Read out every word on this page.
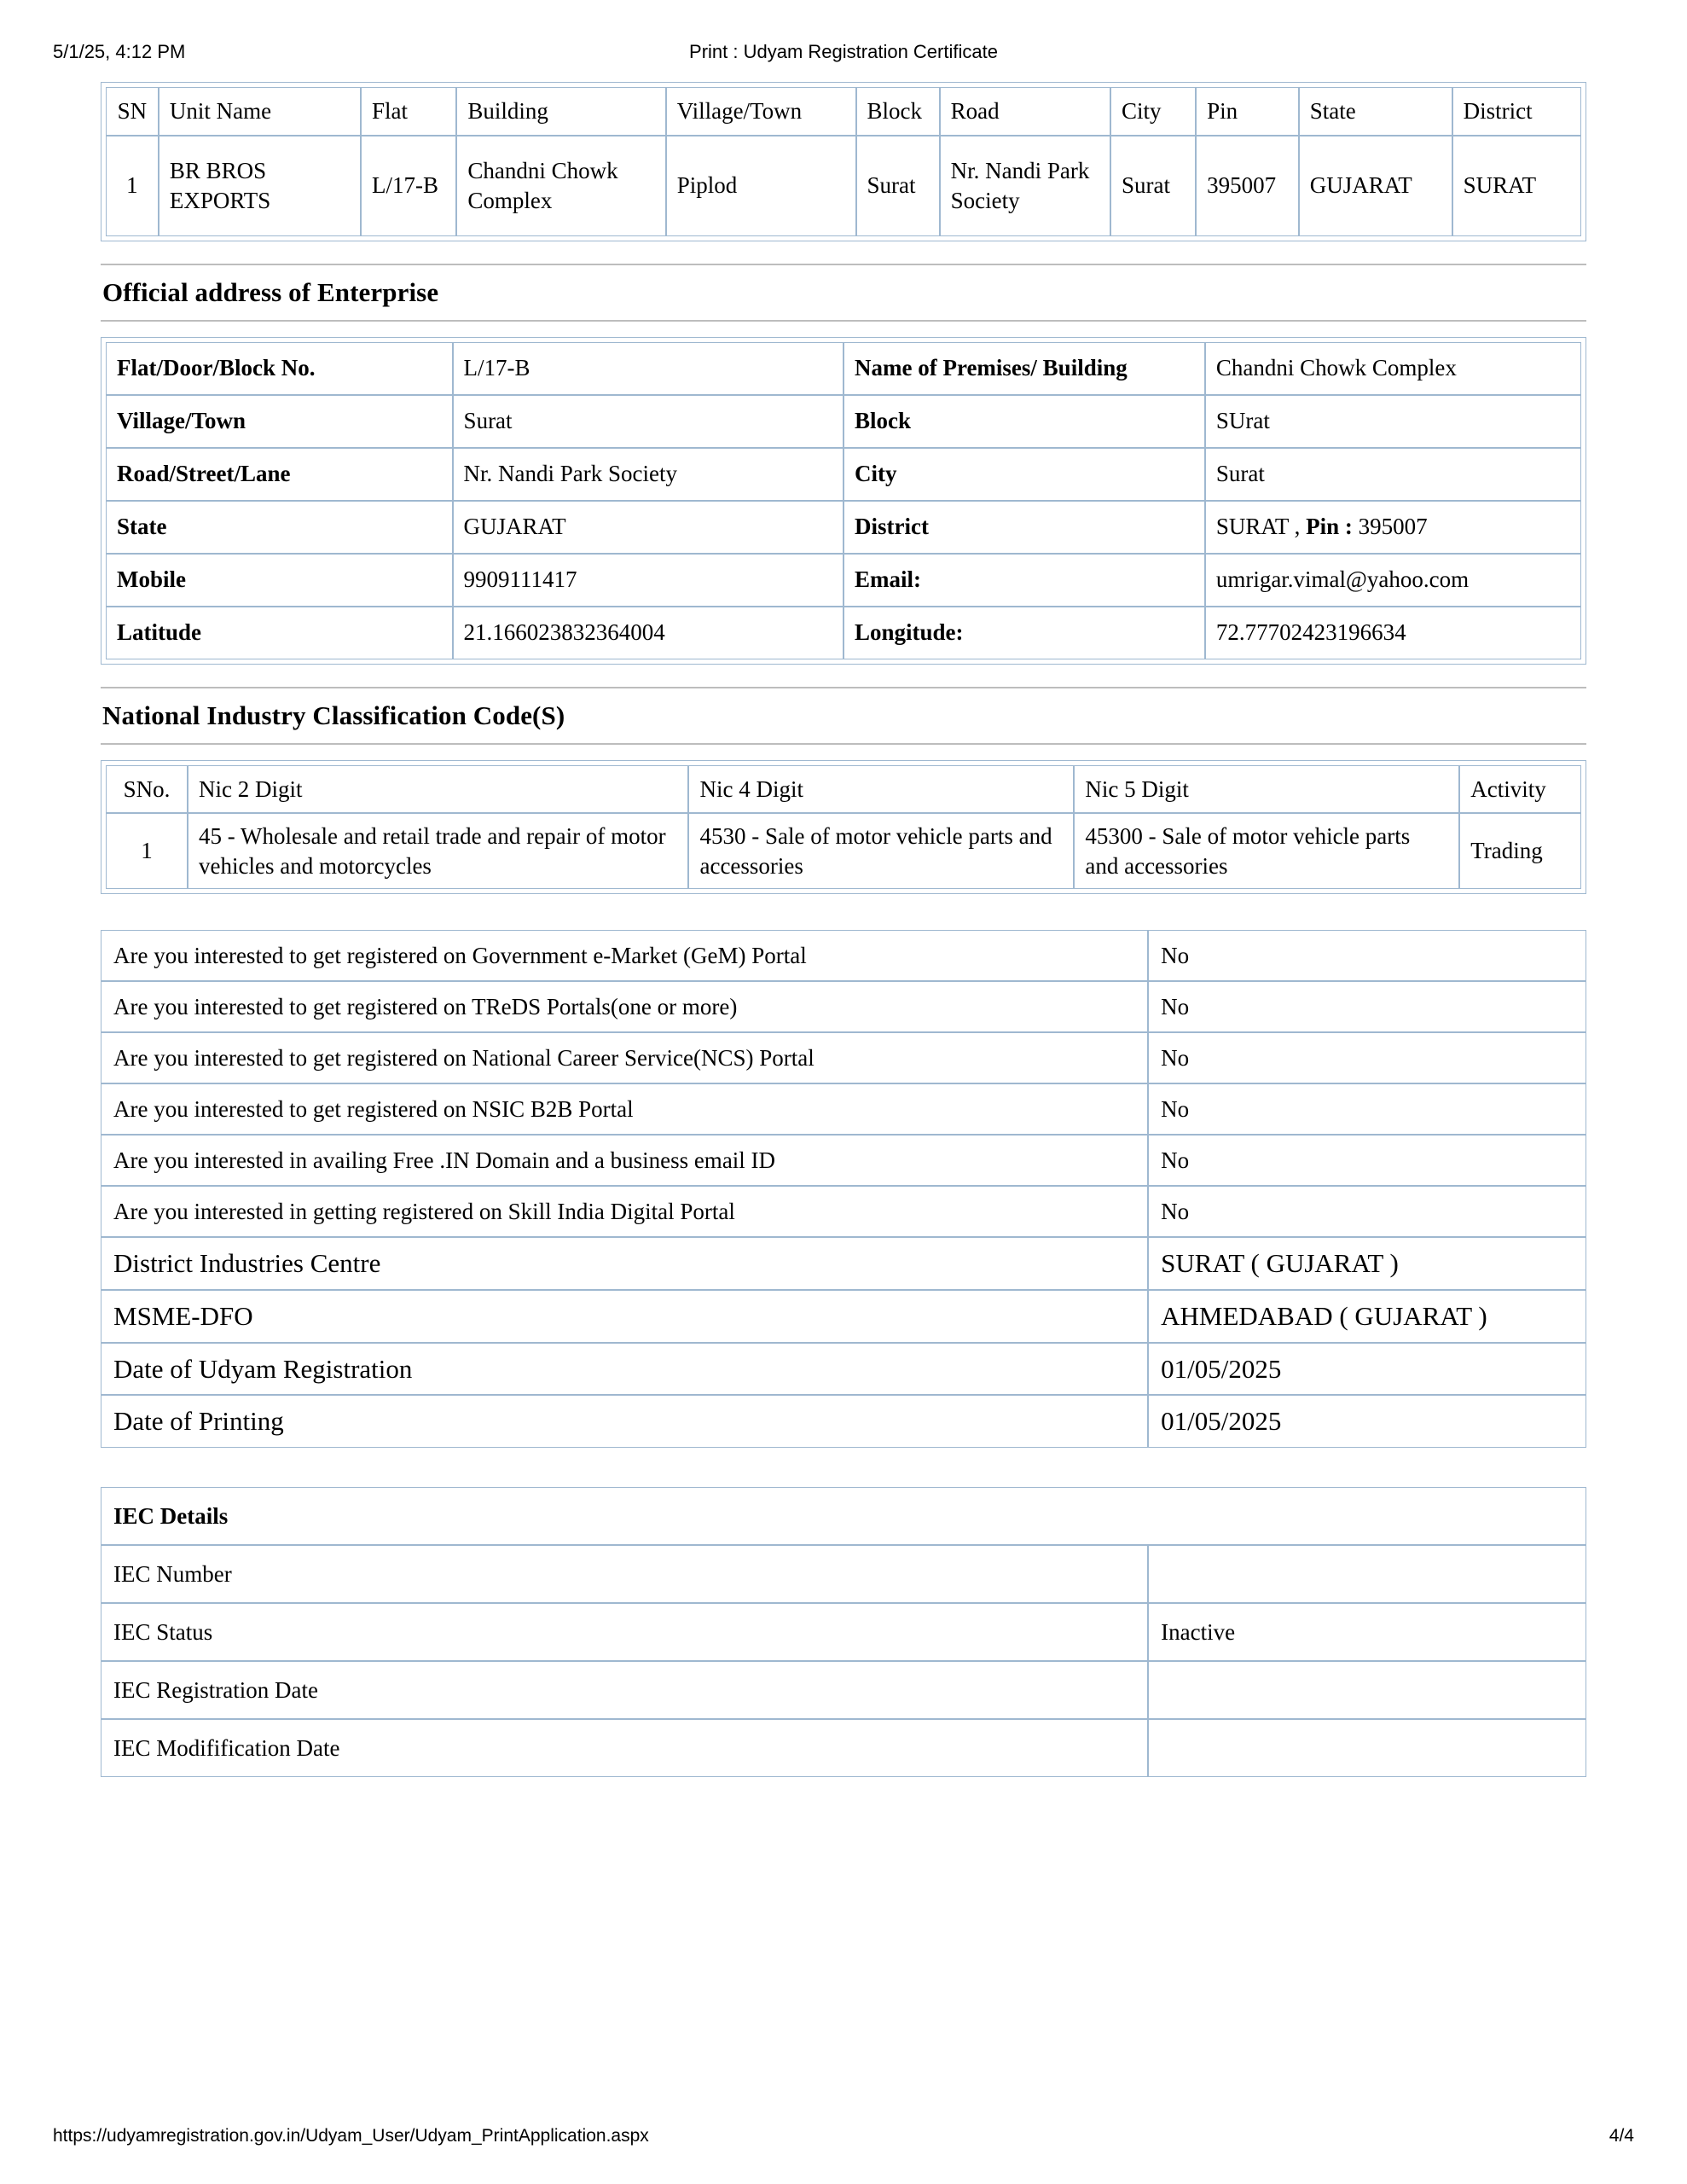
5/1/25, 4:12 PM	Print : Udyam Registration Certificate
SN	Unit Name	Flat	Building	Village/Town	Block	Road	City	Pin	State	District
1	BR BROS EXPORTS	L/17-B	Chandni Chowk Complex	Piplod	Surat	Nr. Nandi Park Society	Surat	395007	GUJARAT	SURAT
Official address of Enterprise
Flat/Door/Block No.	L/17-B	Name of Premises/ Building	Chandni Chowk Complex
Village/Town	Surat	Block	SUrat
Road/Street/Lane	Nr. Nandi Park Society	City	Surat
State	GUJARAT	District	SURAT , Pin : 395007
Mobile	9909111417	Email:	umrigar.vimal@yahoo.com
Latitude	21.166023832364004	Longitude:	72.77702423196634
National Industry Classification Code(S)
SNo.	Nic 2 Digit	Nic 4 Digit	Nic 5 Digit	Activity
1	45 - Wholesale and retail trade and repair of motor vehicles and motorcycles	4530 - Sale of motor vehicle parts and accessories	45300 - Sale of motor vehicle parts and accessories	Trading
Are you interested to get registered on Government e-Market (GeM) Portal	No
Are you interested to get registered on TReDS Portals(one or more)	No
Are you interested to get registered on National Career Service(NCS) Portal	No
Are you interested to get registered on NSIC B2B Portal	No
Are you interested in availing Free .IN Domain and a business email ID	No
Are you interested in getting registered on Skill India Digital Portal	No
District Industries Centre	SURAT ( GUJARAT )
MSME-DFO	AHMEDABAD ( GUJARAT )
Date of Udyam Registration	01/05/2025
Date of Printing	01/05/2025
IEC Details	
IEC Number	
IEC Status	Inactive
IEC Registration Date	
IEC Modifification Date	
https://udyamregistration.gov.in/Udyam_User/Udyam_PrintApplication.aspx	4/4
